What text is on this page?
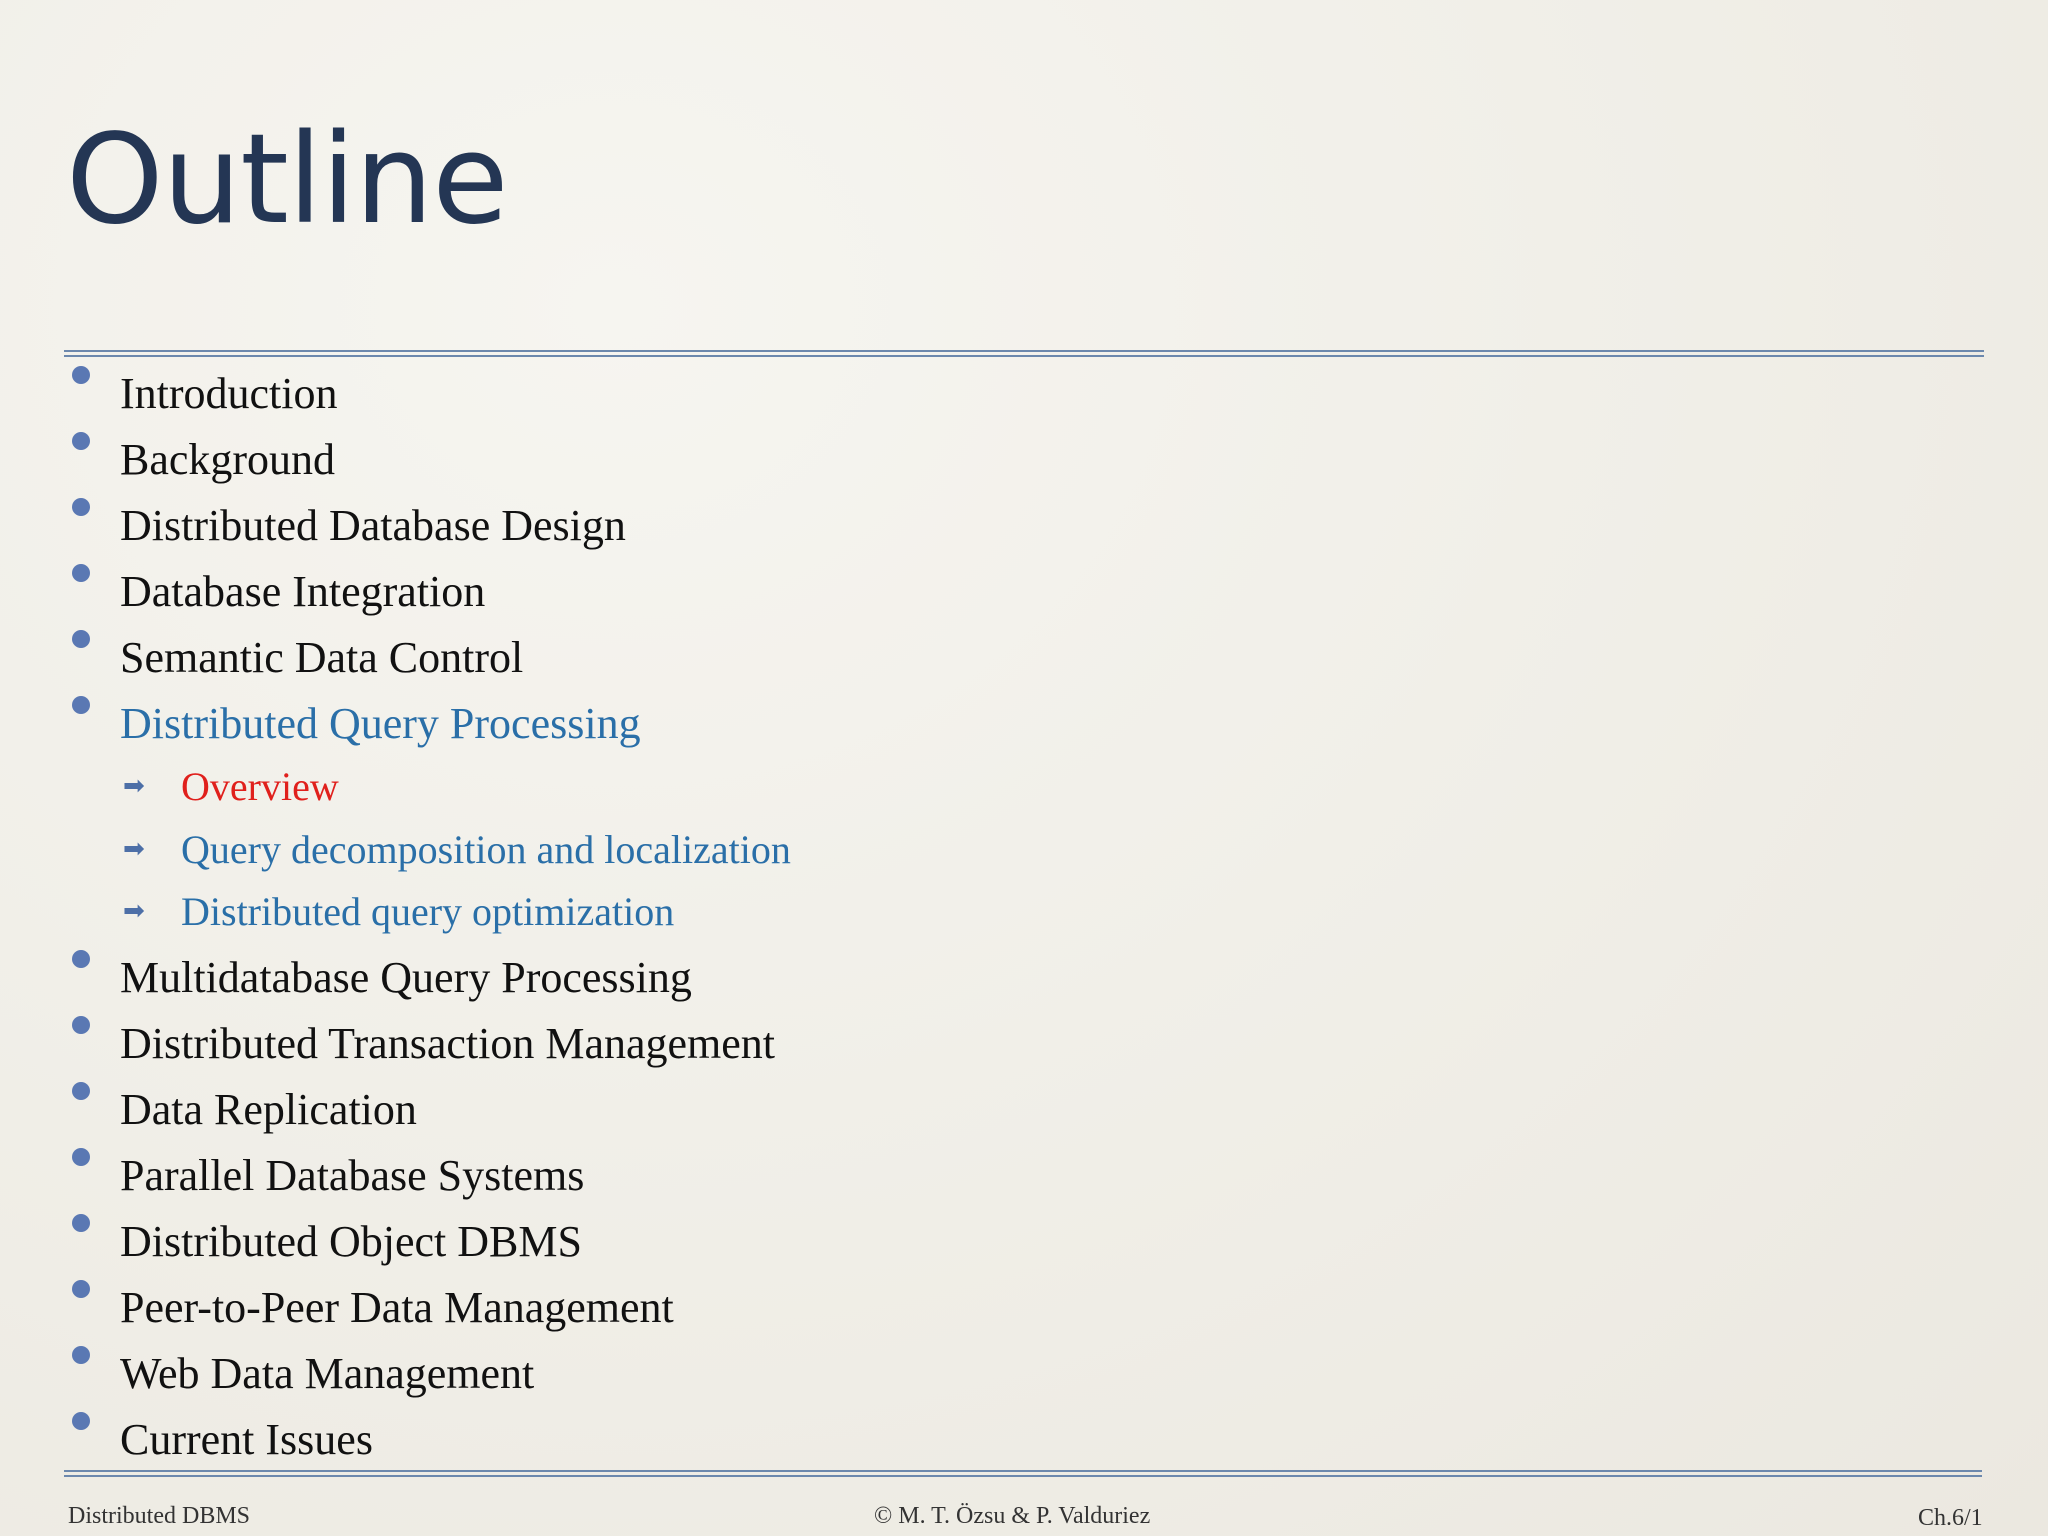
Outline
Introduction
Background
Distributed Database Design
Database Integration
Semantic Data Control
Distributed Query Processing
➡ Overview
➡ Query decomposition and localization
➡ Distributed query optimization
Multidatabase Query Processing
Distributed Transaction Management
Data Replication
Parallel Database Systems
Distributed Object DBMS
Peer-to-Peer Data Management
Web Data Management
Current Issues
Distributed DBMS	© M. T. Özsu & P. Valduriez	Ch.6/1
